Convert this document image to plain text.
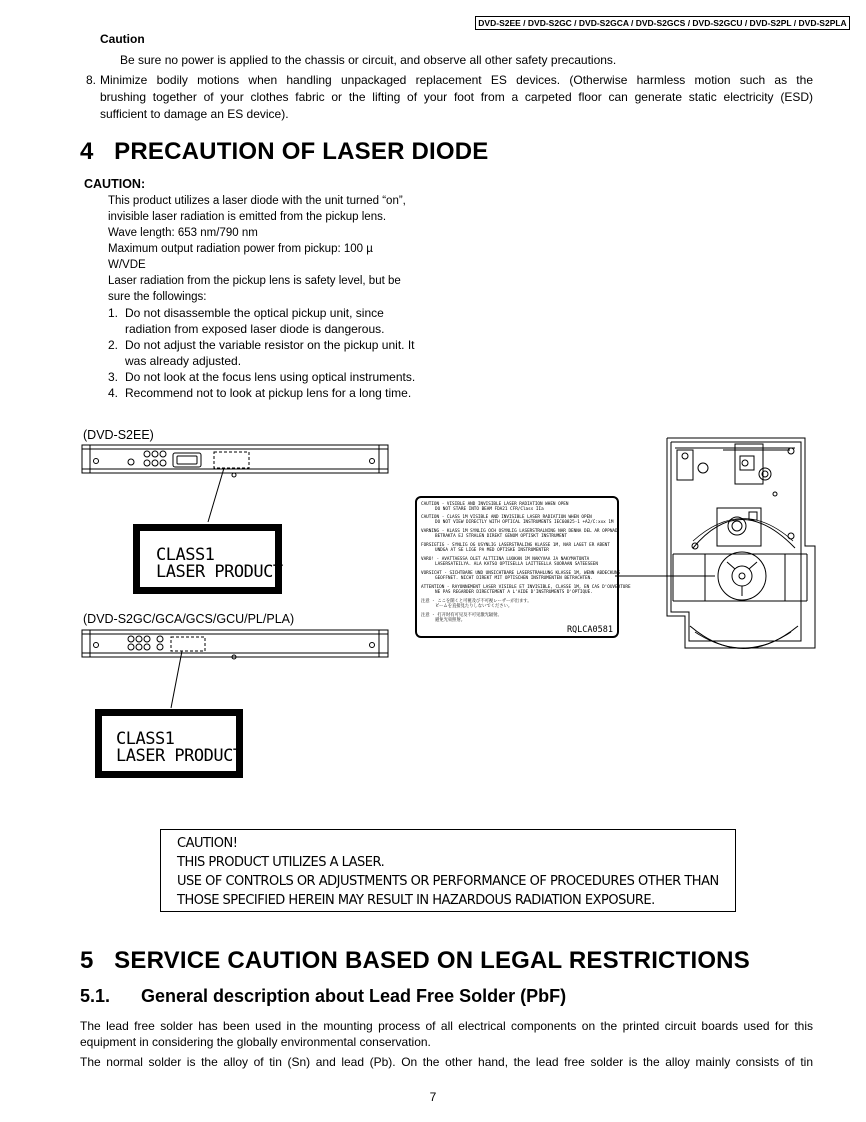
DVD-S2EE / DVD-S2GC / DVD-S2GCA / DVD-S2GCS / DVD-S2GCU / DVD-S2PL / DVD-S2PLA
Caution
Be sure no power is applied to the chassis or circuit, and observe all other safety precautions.
8. Minimize bodily motions when handling unpackaged replacement ES devices. (Otherwise harmless motion such as the
brushing together of your clothes fabric or the lifting of your foot from a carpeted floor can generate static electricity (ESD)
sufficient to damage an ES device).
4   PRECAUTION OF LASER DIODE
CAUTION:
This product utilizes a laser diode with the unit turned “on”,
invisible laser radiation is emitted from the pickup lens.
Wave length: 653 nm/790 nm
Maximum output radiation power from pickup: 100 µ
W/VDE
Laser radiation from the pickup lens is safety level, but be
sure the followings:
1. Do not disassemble the optical pickup unit, since
radiation from exposed laser diode is dangerous.
2. Do not adjust the variable resistor on the pickup unit. It
was already adjusted.
3. Do not look at the focus lens using optical instruments.
4. Recommend not to look at pickup lens for a long time.
(DVD-S2EE)
(DVD-S2GC/GCA/GCS/GCU/PL/PLA)
CLASS1
LASER PRODUCT
CLASS1
LASER PRODUCT
CAUTION - VISIBLE AND INVISIBLE LASER RADIATION WHEN OPEN
DO NOT STARE INTO BEAM FDA21 CFR/Class IIa
CAUTION - CLASS 1M VISIBLE AND INVISIBLE LASER RADIATION WHEN OPEN
DO NOT VIEW DIRECTLY WITH OPTICAL INSTRUMENTS IEC60825-1 +A2/C:xxx 1M
VARNING - KLASS 1M SYNLIG OCH OSYNLIG LASERSTRALNING NAR DENNA DEL AR OPPNAD
BETRAKTA EJ STRALEN DIREKT GENOM OPTISKT INSTRUMENT
FORSIGTIG - SYNLIG OG USYNLIG LASERSTRALING KLASSE 1M, NAR LAGET ER ABENT
UNDGA AT SE LIGE PA MED OPTISKE INSTRUMENTER
VARO! - AVATTAESSA OLET ALTTIINA LUOKAN 1M NAKYVAA JA NAKYMATONTA
LASERSATEILYA. ALA KATSO OPTISELLA LAITTEELLA SUORAAN SATEESEEN
VORSICHT - SICHTBARE UND UNSICHTBARE LASERSTRAHLUNG KLASSE 1M, WENN ABDECKUNG
GEOFFNET. NICHT DIREKT MIT OPTISCHEN INSTRUMENTEN BETRACHTEN.
ATTENTION - RAYONNEMENT LASER VISIBLE ET INVISIBLE, CLASSE 1M, EN CAS D'OUVERTURE
NE PAS REGARDER DIRECTEMENT A L'AIDE D'INSTRUMENTS D'OPTIQUE.
注意 - ここを開くと可視及び不可視レーザーが出ます。
ビームを直接見たりしないでください。
注意 - 打开时有可见及不可见激光辐射。
避免光束照射。
RQLCA0581
CAUTION!
THIS PRODUCT UTILIZES A LASER.
USE OF CONTROLS OR ADJUSTMENTS OR PERFORMANCE OF PROCEDURES OTHER THAN
THOSE SPECIFIED HEREIN MAY RESULT IN HAZARDOUS RADIATION EXPOSURE.
5   SERVICE CAUTION BASED ON LEGAL RESTRICTIONS
5.1. General description about Lead Free Solder (PbF)
The lead free solder has been used in the mounting process of all electrical components on the printed circuit boards used for this
equipment in considering the globally environmental conservation.
The normal solder is the alloy of tin (Sn) and lead (Pb). On the other hand, the lead free solder is the alloy mainly consists of tin
7
